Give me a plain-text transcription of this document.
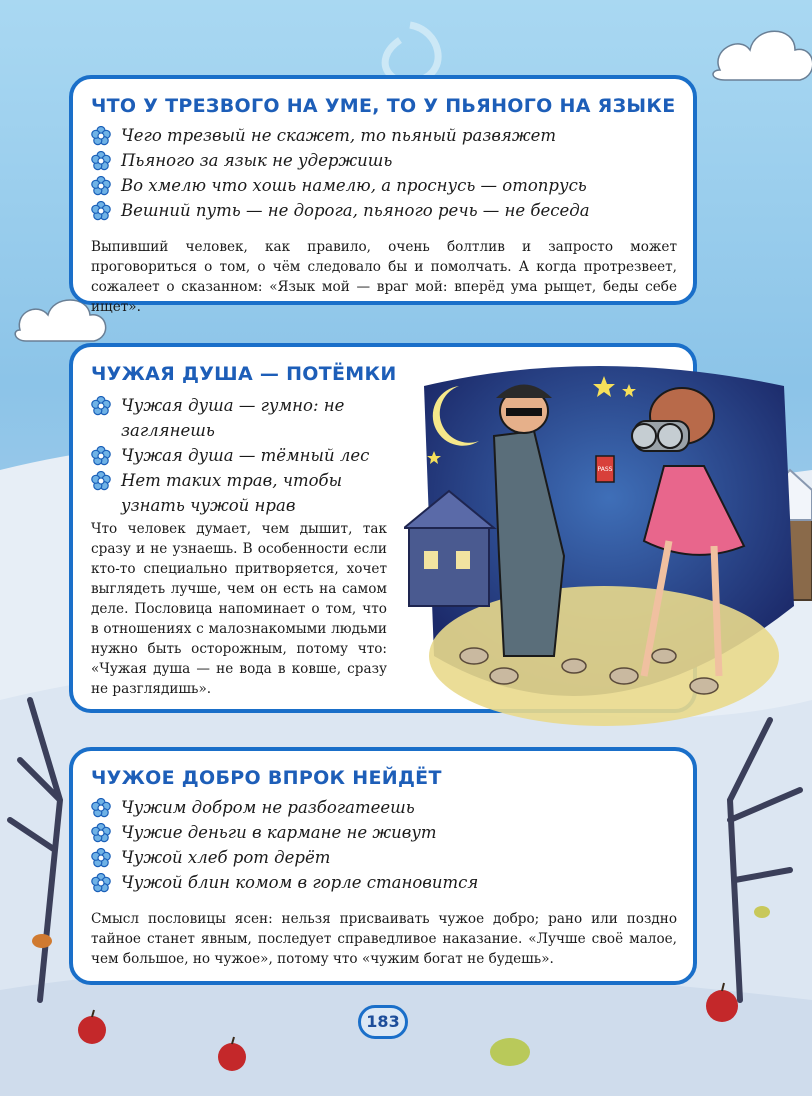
ЧТО У ТРЕЗВОГО НА УМЕ, ТО У ПЬЯНОГО НА ЯЗЫКЕ
Чего трезвый не скажет, то пьяный развяжет
Пьяного за язык не удержишь
Во хмелю что хошь намелю, а проснусь — отопрусь
Вешний путь — не дорога, пьяного речь — не беседа

Выпивший человек, как правило, очень болтлив и запросто может проговориться о том, о чём следовало бы и помолчать. А когда протрезвеет, сожалеет о сказанном: «Язык мой — враг мой: вперёд ума рыщет, беды себе ищет».

ЧУЖАЯ ДУША — ПОТЁМКИ
Чужая душа — гумно: не заглянешь
Чужая душа — тёмный лес
Нет таких трав, чтобы узнать чужой нрав

Что человек думает, чем дышит, так сразу и не узнаешь. В особенности если кто-то специально притворяется, хочет выглядеть лучше, чем он есть на самом деле. Пословица напоминает о том, что в отношениях с малознакомыми людьми нужно быть осторожным, потому что: «Чужая душа — не вода в ковше, сразу не разглядишь».

PASS
ЧУЖОЕ ДОБРО ВПРОК НЕЙДЁТ
Чужим добром не разбогатеешь
Чужие деньги в кармане не живут
Чужой хлеб рот дерёт
Чужой блин комом в горле становится

Смысл пословицы ясен: нельзя присваивать чужое добро; рано или поздно тайное станет явным, последует справедливое наказание. «Лучше своё малое, чем большое, но чужое», потому что «чужим богат не будешь».

183
